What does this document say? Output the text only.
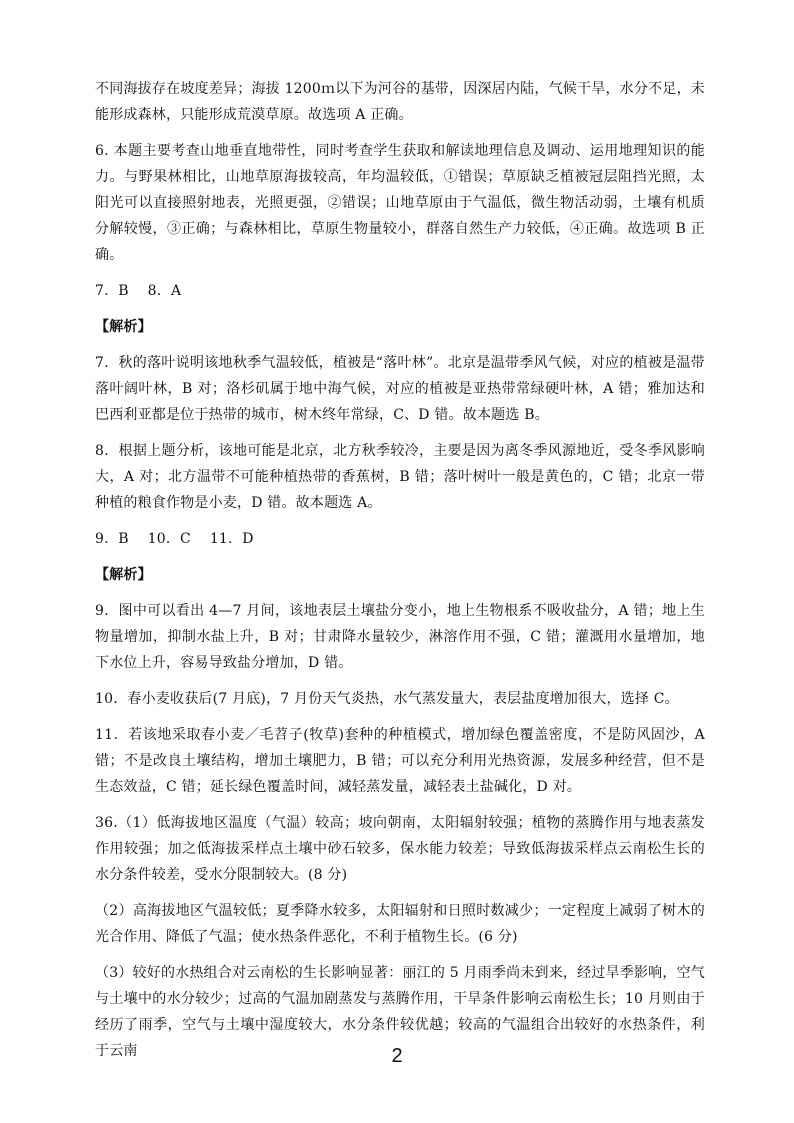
不同海拔存在坡度差异；海拔 1200ｍ以下为河谷的基带，因深居内陆，气候干旱，水分不足，未能形成森林，只能形成荒漠草原。故选项 A 正确。

6. 本题主要考查山地垂直地带性，同时考查学生获取和解读地理信息及调动、运用地理知识的能力。与野果林相比，山地草原海拔较高，年均温较低，①错误；草原缺乏植被冠层阻挡光照，太阳光可以直接照射地表，光照更强，②错误；山地草原由于气温低，微生物活动弱，土壤有机质分解较慢，③正确；与森林相比，草原生物量较小，群落自然生产力较低，④正确。故选项 B 正确。

7．B　 8．A

【解析】

7．秋的落叶说明该地秋季气温较低，植被是“落叶林”。北京是温带季风气候，对应的植被是温带落叶阔叶林，B 对；洛杉矶属于地中海气候，对应的植被是亚热带常绿硬叶林，A 错；雅加达和巴西利亚都是位于热带的城市，树木终年常绿，C、D 错。故本题选 B。

8．根据上题分析，该地可能是北京，北方秋季较冷，主要是因为离冬季风源地近，受冬季风影响大，A 对；北方温带不可能种植热带的香蕉树，B 错；落叶树叶一般是黄色的，C 错；北京一带种植的粮食作物是小麦，D 错。故本题选 A。

9．B　 10．C　 11．D

【解析】

9．图中可以看出 4—7 月间，该地表层土壤盐分变小，地上生物根系不吸收盐分，A 错；地上生物量增加，抑制水盐上升，B 对；甘肃降水量较少，淋溶作用不强，C 错；灌溉用水量增加，地下水位上升，容易导致盐分增加，D 错。

10．春小麦收获后(7 月底)，7 月份天气炎热，水气蒸发量大，表层盐度增加很大，选择 C。

11．若该地采取春小麦／毛苕子(牧草)套种的种植模式，增加绿色覆盖密度，不是防风固沙，A 错；不是改良土壤结构，增加土壤肥力，B 错；可以充分利用光热资源，发展多种经营，但不是生态效益，C 错；延长绿色覆盖时间，减轻蒸发量，减轻表土盐碱化，D 对。

36.（1）低海拔地区温度（气温）较高；坡向朝南，太阳辐射较强；植物的蒸腾作用与地表蒸发作用较强；加之低海拔采样点土壤中砂石较多，保水能力较差；导致低海拔采样点云南松生长的水分条件较差，受水分限制较大。(8 分)

（2）高海拔地区气温较低；夏季降水较多，太阳辐射和日照时数减少；一定程度上减弱了树木的光合作用、降低了气温；使水热条件恶化，不利于植物生长。(6 分)

（3）较好的水热组合对云南松的生长影响显著：丽江的 5 月雨季尚未到来，经过旱季影响，空气与土壤中的水分较少；过高的气温加剧蒸发与蒸腾作用，干旱条件影响云南松生长；10 月则由于经历了雨季，空气与土壤中湿度较大，水分条件较优越；较高的气温组合出较好的水热条件，利于云南	2
